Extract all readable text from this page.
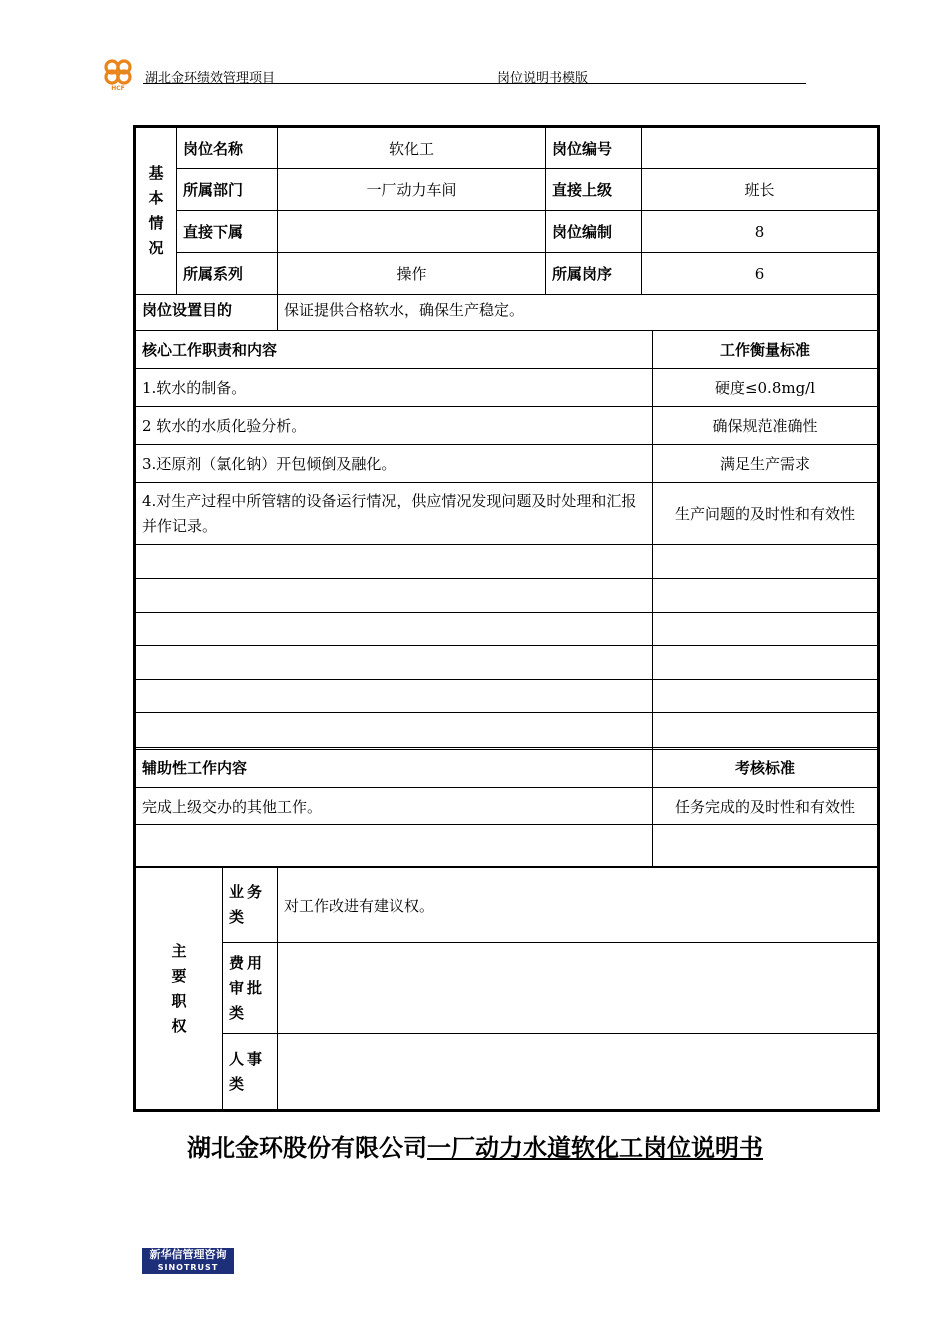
HCF
湖北金环绩效管理项目	岗位说明书模版
基本情况	岗位名称	软化工	岗位编号	
	所属部门	一厂动力车间	直接上级	班长
	直接下属		岗位编制	8
	所属系列	操作	所属岗序	6
岗位设置目的	保证提供合格软水，确保生产稳定。
核心工作职责和内容	工作衡量标准
1.软水的制备。	硬度≤0.8mg/l
2 软水的水质化验分析。	确保规范准确性
3.还原剂（氯化钠）开包倾倒及融化。	满足生产需求
4.对生产过程中所管辖的设备运行情况，供应情况发现问题及时处理和汇报并作记录。	生产问题的及时性和有效性

辅助性工作内容	考核标准
完成上级交办的其他工作。	任务完成的及时性和有效性

主要职权	业务类	对工作改进有建议权。
	费用审批类	
	人事类	
湖北金环股份有限公司一厂动力水道软化工岗位说明书
新华信管理咨询
SINOTRUST
